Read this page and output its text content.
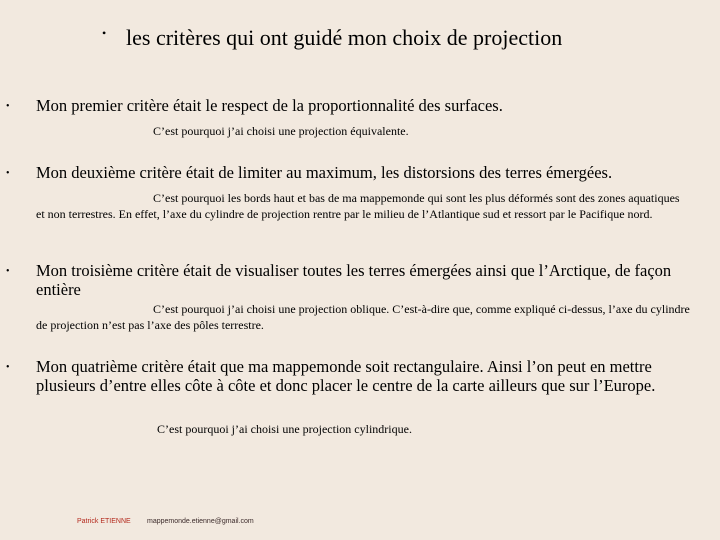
• les critères qui ont guidé mon choix de projection
• Mon premier critère était le respect de la proportionnalité des surfaces.
C’est pourquoi j’ai choisi une projection équivalente.
• Mon deuxième critère était de limiter au maximum, les distorsions des terres émergées.
C’est pourquoi les bords haut et bas de ma mappemonde qui sont les plus déformés sont des zones aquatiques et non terrestres. En effet, l’axe du cylindre de projection rentre par le milieu de l’Atlantique sud et ressort par le Pacifique nord.
• Mon troisième critère était de visualiser toutes les terres émergées ainsi que l’Arctique, de façon entière
C’est pourquoi j’ai choisi une projection oblique. C’est-à-dire que, comme expliqué ci-dessus, l’axe du cylindre de projection n’est pas l’axe des pôles terrestre.
• Mon quatrième critère était que ma mappemonde soit rectangulaire. Ainsi l’on peut en mettre plusieurs d’entre elles côte à côte et donc placer le centre de la carte ailleurs que sur l’Europe.
C’est pourquoi j’ai choisi une projection cylindrique.
Patrick ETIENNE mappemonde.etienne@gmail.com
